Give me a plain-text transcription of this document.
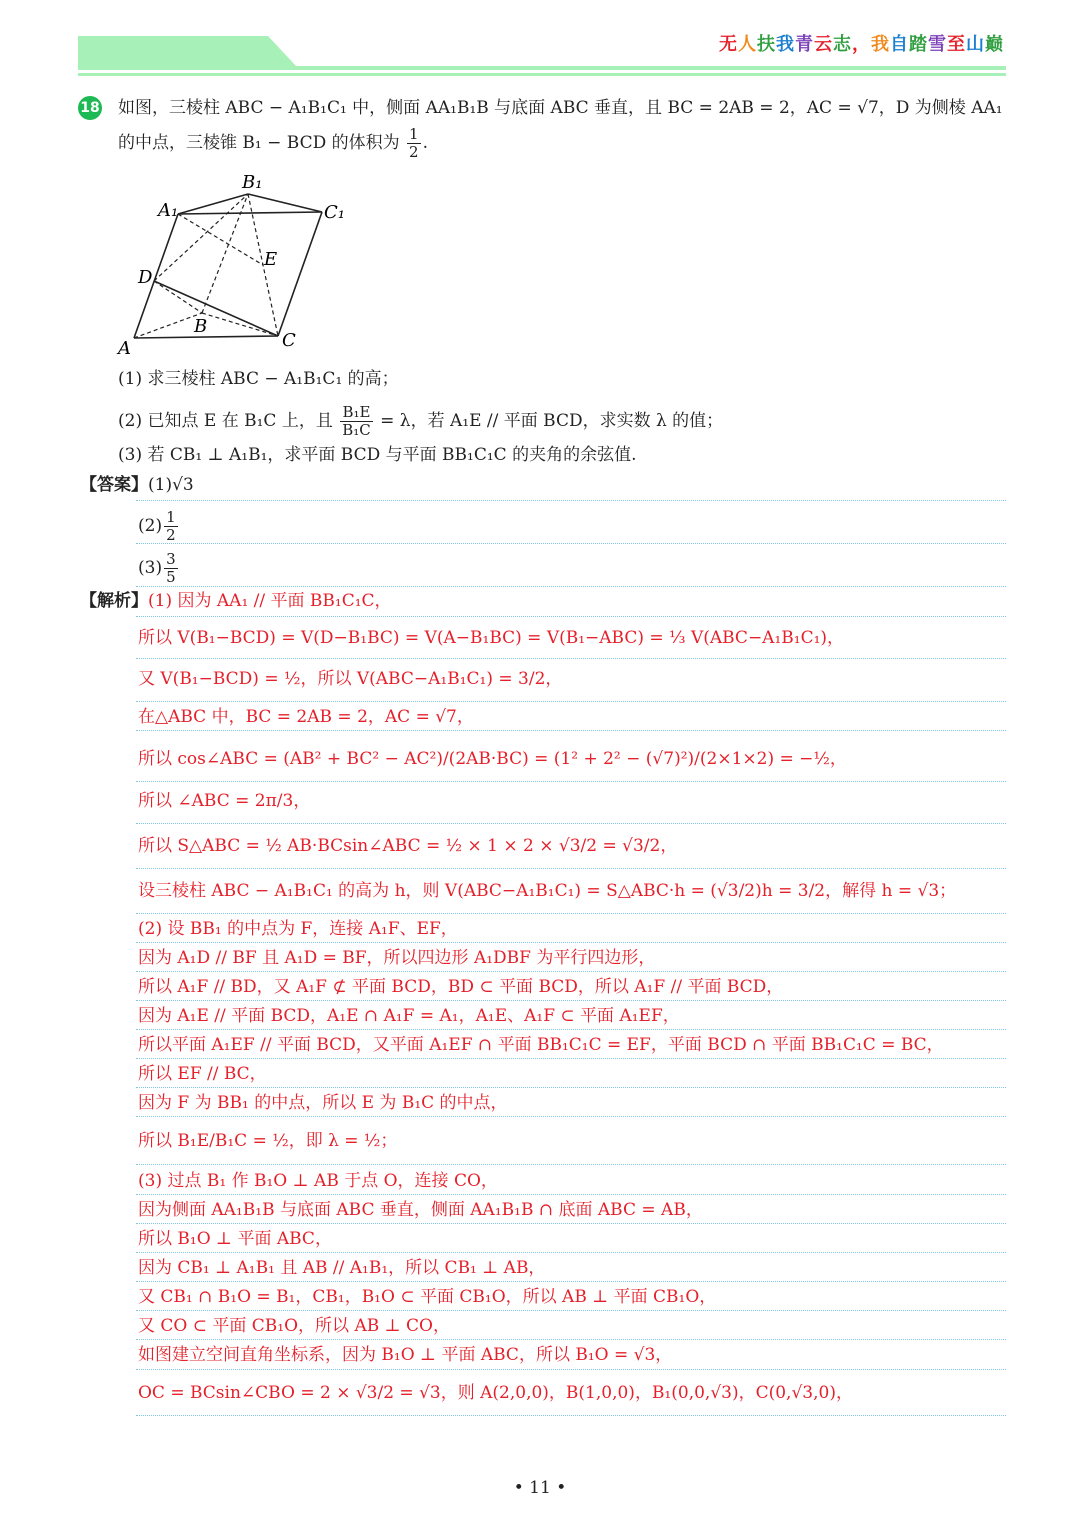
无人扶我青云志，我自踏雪至山巅
18 如图，三棱柱 ABC − A₁B₁C₁ 中，侧面 AA₁B₁B 与底面 ABC 垂直，且 BC = 2AB = 2，AC = √7，D 为侧棱 AA₁
的中点，三棱锥 B₁ − BCD 的体积为 $\frac{1}{2}$ .
B₁
A₁	C₁
E
D
B
A	C
(1) 求三棱柱 ABC − A₁B₁C₁ 的高；
(2) 已知点 E 在 B₁C 上，且 $\frac{\text{B₁E}}{\text{B₁C}} = \lambda$，若 A₁E // 平面 BCD，求实数 λ 的值；
(3) 若 CB₁ ⊥ A₁B₁，求平面 BCD 与平面 BB₁C₁C 的夹角的余弦值.
【答案】(1)√3
$(2) \frac{1}{2}$
$(3) \frac{3}{5}$
【解析】(1) 因为 AA₁ // 平面 BB₁C₁C，
所以 V(B₁−BCD) = V(D−B₁BC) = V(A−B₁BC) = V(B₁−ABC) = ⅓ V(ABC−A₁B₁C₁)，
又 V(B₁−BCD) = ½，所以 V(ABC−A₁B₁C₁) = 3/2，
在△ABC 中，BC = 2AB = 2，AC = √7，
所以 cos∠ABC = (AB² + BC² − AC²)/(2AB·BC) = (1² + 2² − (√7)²)/(2×1×2) = −½，
所以 ∠ABC = 2π/3，
所以 S△ABC = ½ AB·BCsin∠ABC = ½ × 1 × 2 × √3/2 = √3/2，
设三棱柱 ABC − A₁B₁C₁ 的高为 h，则 V(ABC−A₁B₁C₁) = S△ABC·h = (√3/2)h = 3/2，解得 h = √3；
(2) 设 BB₁ 的中点为 F，连接 A₁F、EF，
因为 A₁D // BF 且 A₁D = BF，所以四边形 A₁DBF 为平行四边形，
所以 A₁F // BD，又 A₁F ⊄ 平面 BCD，BD ⊂ 平面 BCD，所以 A₁F // 平面 BCD，
因为 A₁E // 平面 BCD，A₁E ∩ A₁F = A₁，A₁E、A₁F ⊂ 平面 A₁EF，
所以平面 A₁EF // 平面 BCD，又平面 A₁EF ∩ 平面 BB₁C₁C = EF，平面 BCD ∩ 平面 BB₁C₁C = BC，
所以 EF // BC，
因为 F 为 BB₁ 的中点，所以 E 为 B₁C 的中点，
所以 B₁E/B₁C = ½，即 λ = ½；
(3) 过点 B₁ 作 B₁O ⊥ AB 于点 O，连接 CO，
因为侧面 AA₁B₁B 与底面 ABC 垂直，侧面 AA₁B₁B ∩ 底面 ABC = AB，
所以 B₁O ⊥ 平面 ABC，
因为 CB₁ ⊥ A₁B₁ 且 AB // A₁B₁，所以 CB₁ ⊥ AB，
又 CB₁ ∩ B₁O = B₁，CB₁，B₁O ⊂ 平面 CB₁O，所以 AB ⊥ 平面 CB₁O，
又 CO ⊂ 平面 CB₁O，所以 AB ⊥ CO，
如图建立空间直角坐标系，因为 B₁O ⊥ 平面 ABC，所以 B₁O = √3，
OC = BCsin∠CBO = 2 × √3/2 = √3，则 A(2,0,0)，B(1,0,0)，B₁(0,0,√3)，C(0,√3,0)，
• 11 •
